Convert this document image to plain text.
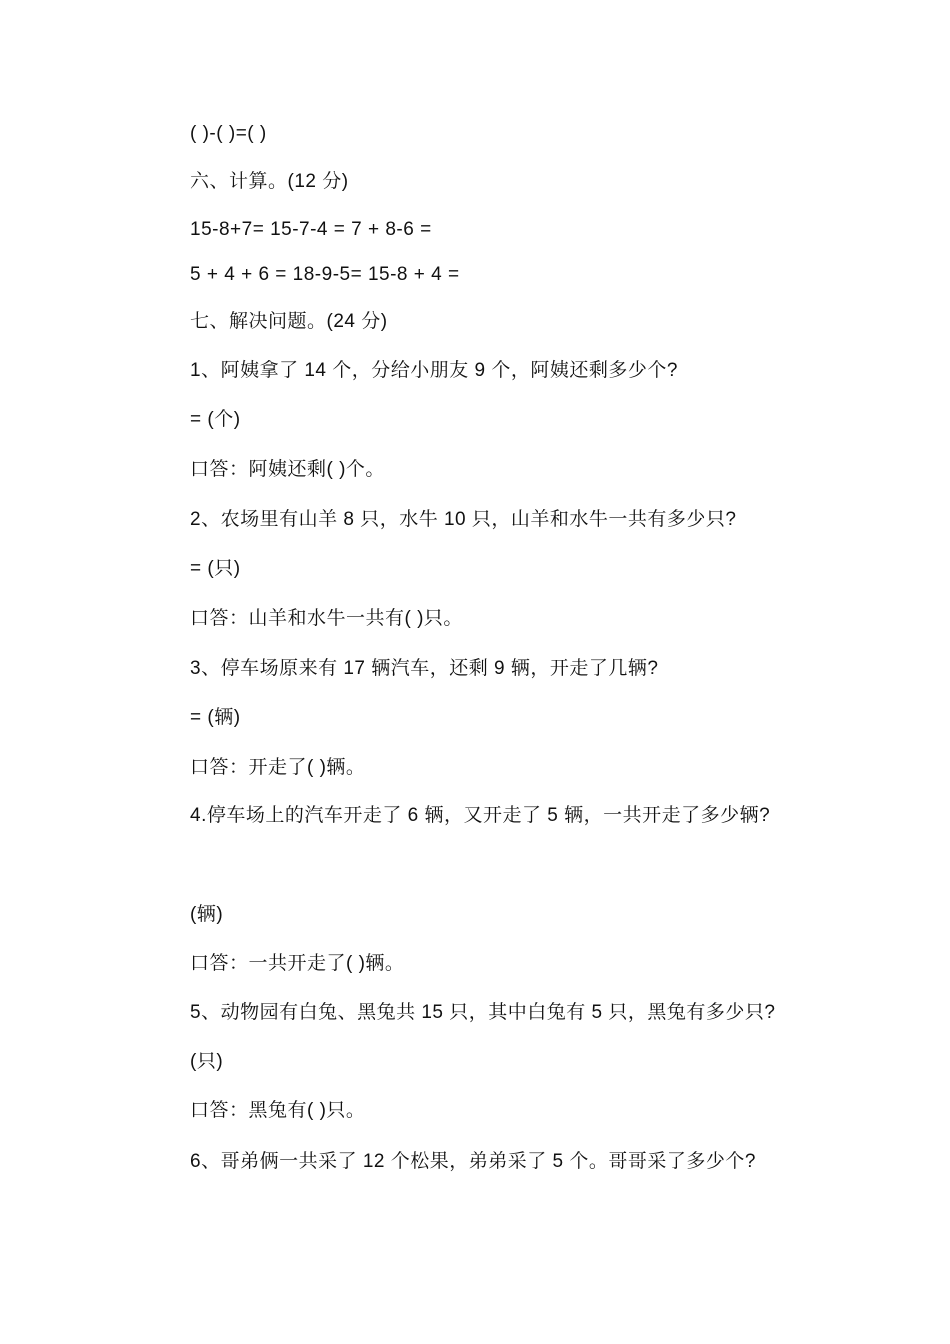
( )-( )=( )
六、计算。(12 分)
15-8+7= 15-7-4 = 7 + 8-6 =
5 + 4 + 6 = 18-9-5= 15-8 + 4 =
七、解决问题。(24 分)
1、阿姨拿了 14 个，分给小朋友 9 个，阿姨还剩多少个?
= (个)
口答：阿姨还剩( )个。
2、农场里有山羊 8 只，水牛 10 只，山羊和水牛一共有多少只?
= (只)
口答：山羊和水牛一共有( )只。
3、停车场原来有 17 辆汽车，还剩 9 辆，开走了几辆?
= (辆)
口答：开走了( )辆。
4.停车场上的汽车开走了 6 辆，又开走了 5 辆，一共开走了多少辆?
(辆)
口答：一共开走了( )辆。
5、动物园有白兔、黑兔共 15 只，其中白兔有 5 只，黑兔有多少只?
(只)
口答：黑兔有( )只。
6、哥弟俩一共采了 12 个松果，弟弟采了 5 个。哥哥采了多少个?
